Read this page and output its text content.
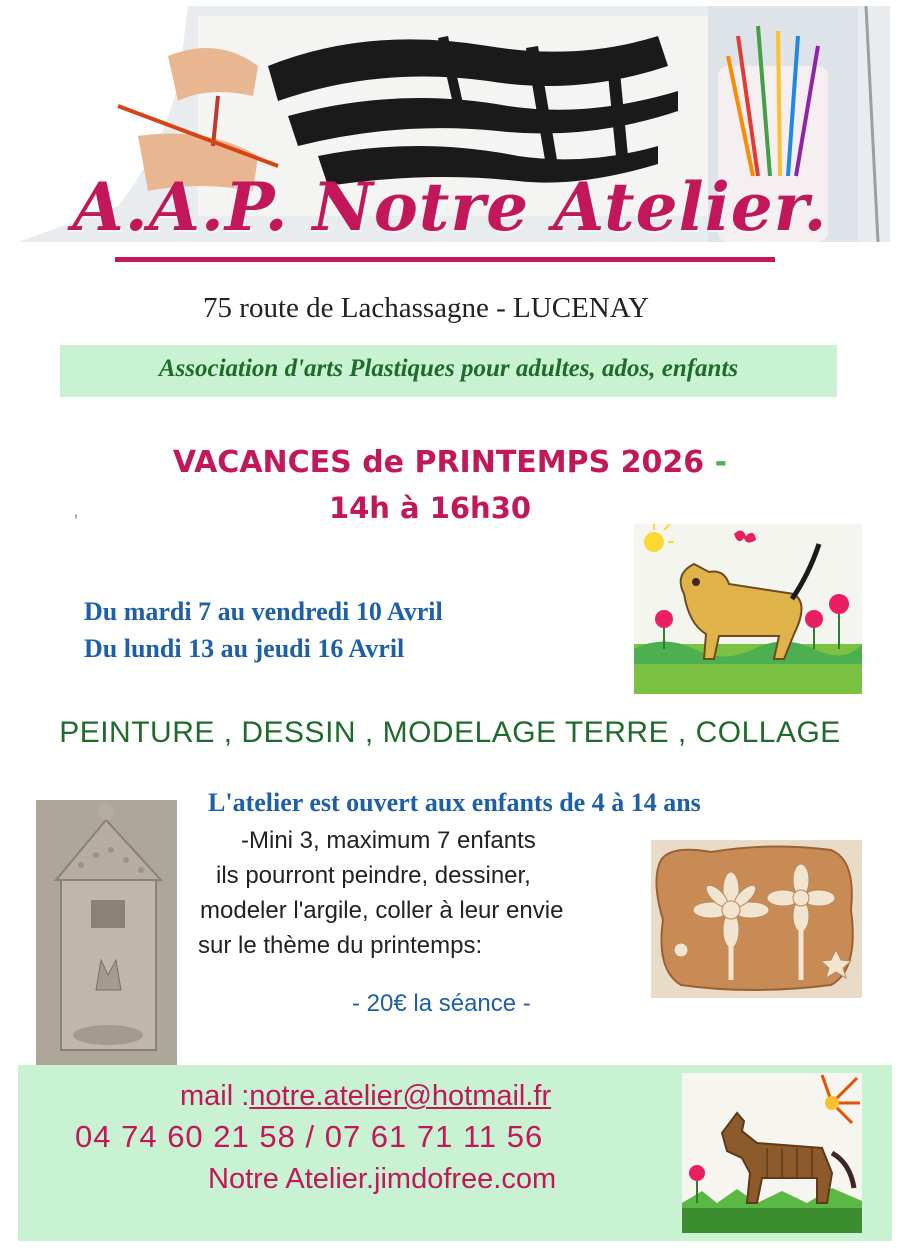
A.A.P. Notre Atelier.
75 route de Lachassagne - LUCENAY
Association d'arts Plastiques pour adultes, ados, enfants
VACANCES de PRINTEMPS 2026 -
14h à 16h30
ʼ
Du mardi 7 au vendredi 10 Avril
Du lundi 13 au jeudi 16 Avril
PEINTURE , DESSIN , MODELAGE TERRE , COLLAGE
L'atelier est ouvert aux enfants de 4 à 14 ans
-Mini 3, maximum 7 enfants
ils pourront peindre, dessiner,
modeler l'argile, coller à leur envie
sur le thème du printemps:
- 20€ la séance -
mail :notre.atelier@hotmail.fr
04 74 60 21 58 / 07 61 71 11 56
Notre Atelier.jimdofree.com
